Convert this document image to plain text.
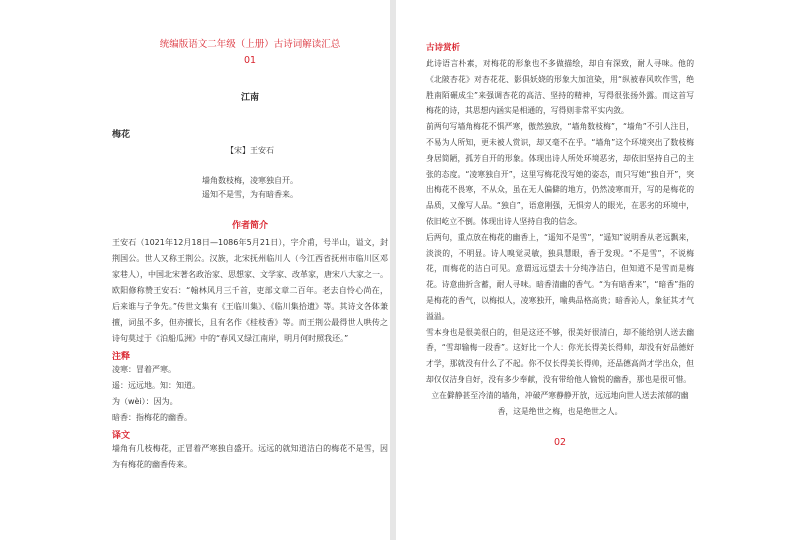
统编版语文二年级（上册）古诗词解读汇总

01

江南

梅花

【宋】王安石

墙角数枝梅，凌寒独自开。

遥知不是雪，为有暗香来。

作者简介

王安石（1021年12月18日—1086年5月21日），字介甫，号半山，谥文，封荆国公。世人又称王荆公。汉族，北宋抚州临川人（今江西省抚州市临川区邓家巷人），中国北宋著名政治家、思想家、文学家、改革家，唐宋八大家之一。欧阳修称赞王安石：“翰林风月三千首，吏部文章二百年。老去自怜心尚在，后来谁与子争先。”传世文集有《王临川集》、《临川集拾遗》等。其诗文各体兼擅，词虽不多，但亦擅长，且有名作《桂枝香》等。而王荆公最得世人哄传之诗句莫过于《泊船瓜洲》中的“春风又绿江南岸，明月何时照我还。”

注释

凌寒：冒着严寒。

遥：远远地。知：知道。

为（wèi）：因为。

暗香：指梅花的幽香。

译文

墙角有几枝梅花，正冒着严寒独自盛开。远远的就知道洁白的梅花不是雪，因为有梅花的幽香传来。

古诗赏析

此诗语言朴素，对梅花的形象也不多做描绘，却自有深致，耐人寻味。他的《北陂杏花》对杏花花、影俱妖娆的形象大加渲染，用“纵被春风吹作雪，绝胜南陌碾成尘”来强调杏花的高洁、坚持的精神，写得很张扬外露。而这首写梅花的诗，其思想内涵实是相通的，写得则非常平实内敛。

前两句写墙角梅花不惧严寒，傲然独放，“墙角数枝梅”，“墙角”不引人注目，不易为人所知，更未被人赏识，却又毫不在乎。“墙角”这个环境突出了数枝梅身居简陋，孤芳自开的形象。体现出诗人所处环境恶劣，却依旧坚持自己的主张的态度。“凌寒独自开”，这里写梅花没写她的姿态，而只写她“独自开”，突出梅花不畏寒，不从众，虽在无人偏僻的地方，仍然凌寒而开，写的是梅花的品质，又像写人品。“独自”，语意刚强，无惧旁人的眼光，在恶劣的环境中，依旧屹立不倒。体现出诗人坚持自我的信念。

后两句，重点放在梅花的幽香上，“遥知不是雪”，“遥知”说明香从老远飘来，淡淡的，不明显。诗人嗅觉灵敏，独具慧眼，香于发现。“不是雪”，不说梅花，而梅花的洁白可见。意谓远远望去十分纯净洁白，但知道不是雪而是梅花。诗意曲折含蓄，耐人寻味。暗香清幽的香气。“为有暗香来”，“暗香”指的是梅花的香气，以梅拟人，凌寒独开，喻典品格高贵；暗香沁人，象征其才气溢溢。

雪本身也是很美很白的，但是这还不够，很美好很清白，却不能给别人送去幽香，“雪却输梅一段香”。这好比一个人：你光长得美长得帅，却没有好品德好才学，那就没有什么了不起。你不仅长得美长得帅，还品德高尚才学出众，但却仅仅洁身自好，没有多少奉献，没有带给他人愉悦的幽香，那也是很可惜。

立在僻静甚至冷清的墙角，冲破严寒静静开放，远远地向世人送去浓郁的幽香，这是绝世之梅，也是绝世之人。

02
